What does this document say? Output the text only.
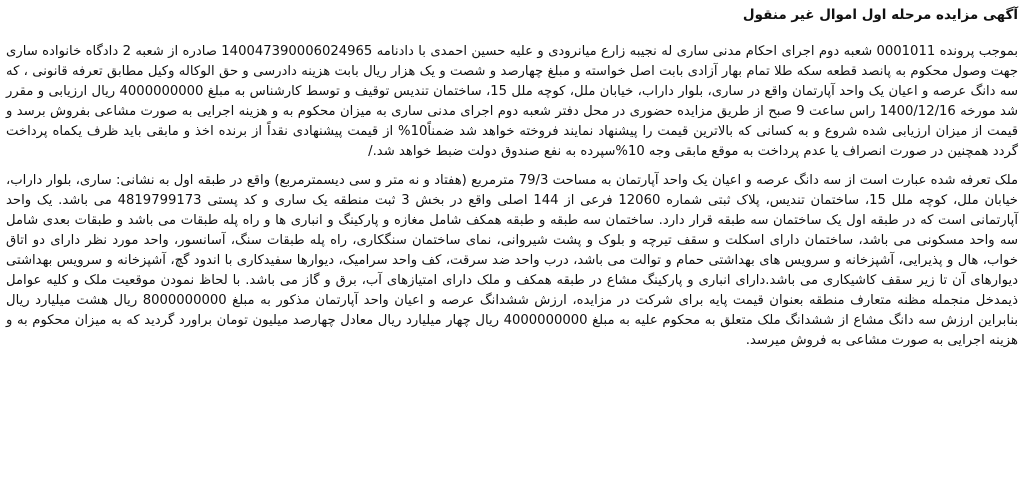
آگهی مزایده مرحله اول اموال غیر منقول

بموجب پرونده 0001011 شعبه دوم اجرای احکام مدنی ساری له نجیبه زارع میانرودی و علیه حسین احمدی با دادنامه 140047390006024965 صادره از شعبه 2 دادگاه خانواده ساری جهت وصول محکوم به پانصد قطعه سکه طلا تمام بهار آزادی بابت اصل خواسته و مبلغ چهارصد و شصت و یک هزار ریال بابت هزینه دادرسی و حق الوکاله وکیل مطابق تعرفه قانونی ، که سه دانگ عرصه و اعیان یک واحد آپارتمان واقع در ساری، بلوار داراب، خیابان ملل، کوچه ملل 15، ساختمان تندیس توقیف و توسط کارشناس به مبلغ 4000000000 ریال ارزیابی و مقرر شد مورخه 1400/12/16 راس ساعت 9 صبح از طریق مزایده حضوری در محل دفتر شعبه دوم اجرای مدنی ساری به میزان محکوم به و هزینه اجرایی به صورت مشاعی بفروش برسد و قیمت از میزان ارزیابی شده شروع و به کسانی که بالاترین قیمت را پیشنهاد نمایند فروخته خواهد شد ضمناً10% از قیمت پیشنهادی نقداً از برنده اخذ و مابقی باید ظرف یکماه پرداخت گردد همچنین در صورت انصراف یا عدم پرداخت به موقع مابقی وجه 10%سپرده به نفع صندوق دولت ضبط خواهد شد./

ملک تعرفه شده عبارت است از سه دانگ عرصه و اعیان یک واحد آپارتمان به مساحت 79/3 مترمربع (هفتاد و نه متر و سی دیسمترمربع) واقع در طبقه اول به نشانی: ساری، بلوار داراب، خیابان ملل، کوچه ملل 15، ساختمان تندیس، پلاک ثبتی شماره 12060 فرعی از 144 اصلی واقع در بخش 3 ثبت منطقه یک ساری و کد پستی 4819799173 می باشد. یک واحد آپارتمانی است که در طبقه اول یک ساختمان سه طبقه قرار دارد. ساختمان سه طبقه و طبقه همکف شامل مغازه و پارکینگ و انباری ها و راه پله طبقات می باشد و طبقات بعدی شامل سه واحد مسکونی می باشد، ساختمان دارای اسکلت و سقف تیرچه و بلوک و پشت شیروانی، نمای ساختمان سنگکاری، راه پله طبقات سنگ، آسانسور، واحد مورد نظر دارای دو اتاق خواب، هال و پذیرایی، آشپزخانه و سرویس های بهداشتی حمام و توالت می باشد، درب واحد ضد سرقت، کف واحد سرامیک، دیوارها سفیدکاری با اندود گچ، آشپزخانه و سرویس بهداشتی دیوارهای آن تا زیر سقف کاشیکاری می باشد.دارای انباری و پارکینگ مشاع در طبقه همکف و ملک دارای امتیازهای آب، برق و گاز می باشد. با لحاظ نمودن موقعیت ملک و کلیه عوامل ذیمدخل منجمله مظنه متعارف منطقه بعنوان قیمت پایه برای شرکت در مزایده، ارزش ششدانگ عرصه و اعیان واحد آپارتمان مذکور به مبلغ 8000000000 ریال هشت میلیارد ریال بنابراین ارزش سه دانگ مشاع از ششدانگ ملک متعلق به محکوم علیه به مبلغ 4000000000 ریال چهار میلیارد ریال معادل چهارصد میلیون تومان براورد گردید که به میزان محکوم به و هزینه اجرایی به صورت مشاعی به فروش میرسد.
